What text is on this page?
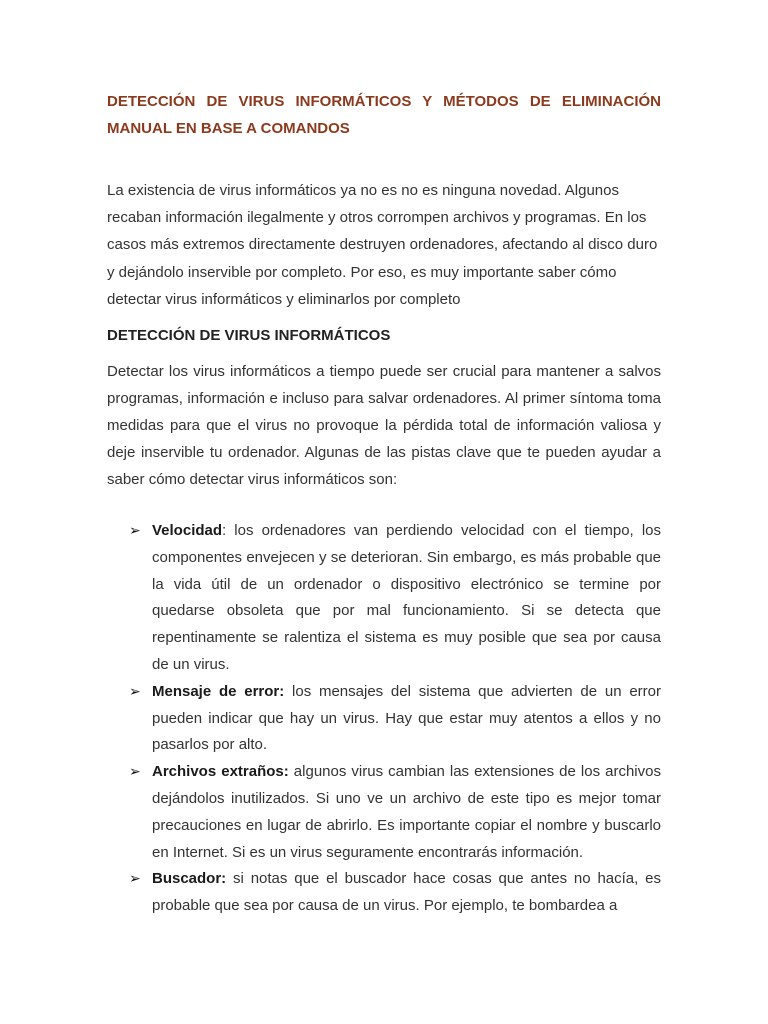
DETECCIÓN DE VIRUS INFORMÁTICOS Y MÉTODOS DE ELIMINACIÓN MANUAL EN BASE A COMANDOS

La existencia de virus informáticos ya no es no es ninguna novedad. Algunos recaban información ilegalmente y otros corrompen archivos y programas. En los casos más extremos directamente destruyen ordenadores, afectando al disco duro y dejándolo inservible por completo. Por eso, es muy importante saber cómo detectar virus informáticos y eliminarlos por completo

DETECCIÓN DE VIRUS INFORMÁTICOS

Detectar los virus informáticos a tiempo puede ser crucial para mantener a salvos programas, información e incluso para salvar ordenadores. Al primer síntoma toma medidas para que el virus no provoque la pérdida total de información valiosa y deje inservible tu ordenador. Algunas de las pistas clave que te pueden ayudar a saber cómo detectar virus informáticos son:

➢ Velocidad: los ordenadores van perdiendo velocidad con el tiempo, los componentes envejecen y se deterioran. Sin embargo, es más probable que la vida útil de un ordenador o dispositivo electrónico se termine por quedarse obsoleta que por mal funcionamiento. Si se detecta que repentinamente se ralentiza el sistema es muy posible que sea por causa de un virus.
➢ Mensaje de error: los mensajes del sistema que advierten de un error pueden indicar que hay un virus. Hay que estar muy atentos a ellos y no pasarlos por alto.
➢ Archivos extraños: algunos virus cambian las extensiones de los archivos dejándolos inutilizados. Si uno ve un archivo de este tipo es mejor tomar precauciones en lugar de abrirlo. Es importante copiar el nombre y buscarlo en Internet. Si es un virus seguramente encontrarás información.
➢ Buscador: si notas que el buscador hace cosas que antes no hacía, es probable que sea por causa de un virus. Por ejemplo, te bombardea a
